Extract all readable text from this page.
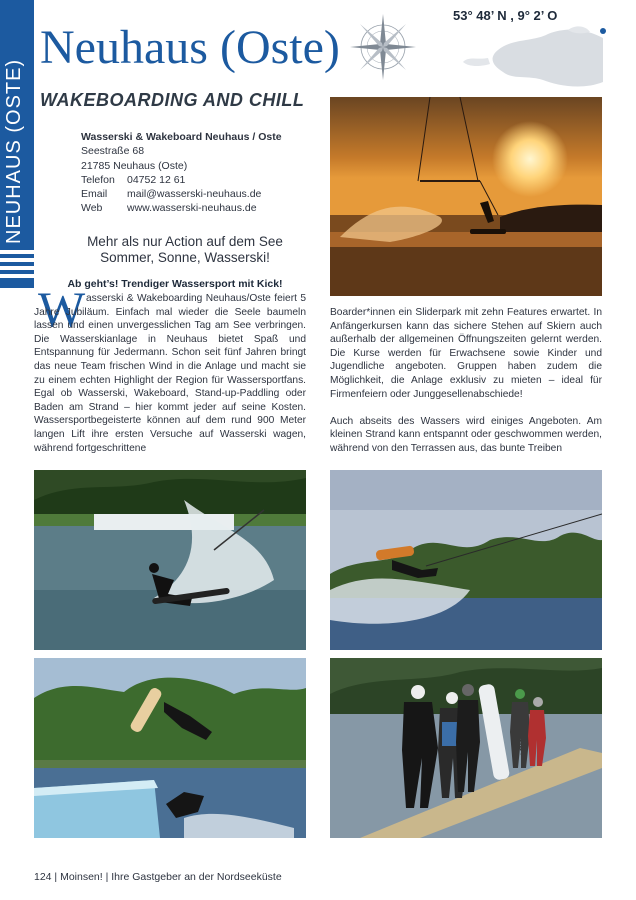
NEUHAUS (OSTE)
Neuhaus (Oste)
WAKEBOARDING AND CHILL
53° 48’ N , 9° 2’ O
Wasserski & Wakeboard Neuhaus / Oste
Seestraße 68
21785 Neuhaus (Oste)
Telefon	04752 12 61
Email	mail@wasserski-neuhaus.de
Web	www.wasserski-neuhaus.de
Mehr als nur Action auf dem See
Sommer, Sonne, Wasserski!
Ab geht’s! Trendiger Wassersport mit Kick!
W asserski & Wakeboarding Neuhaus/Oste feiert 5 Jahre Jubiläum. Einfach mal wieder die Seele baumeln lassen und einen unvergesslichen Tag am See verbringen. Die Wasserskianlage in Neuhaus bietet Spaß und Entspannung für Jedermann. Schon seit fünf Jahren bringt das neue Team frischen Wind in die Anlage und macht sie zu einem echten Highlight der Region für Wassersportfans. Egal ob Wasserski, Wakeboard, Stand-up-Paddling oder Baden am Strand – hier kommt jeder auf seine Kosten. Wassersportbegeisterte können auf dem rund 900 Meter langen Lift ihre ersten Versuche auf Wasserski wagen, während fortgeschrittene

Boarder*innen ein Sliderpark mit zehn Features erwartet. In Anfängerkursen kann das sichere Stehen auf Skiern auch außerhalb der allgemeinen Öffnungszeiten gelernt werden. Die Kurse werden für Erwachsene sowie Kinder und Jugendliche angeboten. Gruppen haben zudem die Möglichkeit, die Anlage exklusiv zu mieten – ideal für Firmenfeiern oder Junggesellenabschiede!

Auch abseits des Wassers wird einiges Angeboten. Am kleinen Strand kann entspannt oder geschwommen werden, während von den Terrassen aus, das bunte Treiben

124 | Moinsen! | Ihre Gastgeber an der Nordseeküste
